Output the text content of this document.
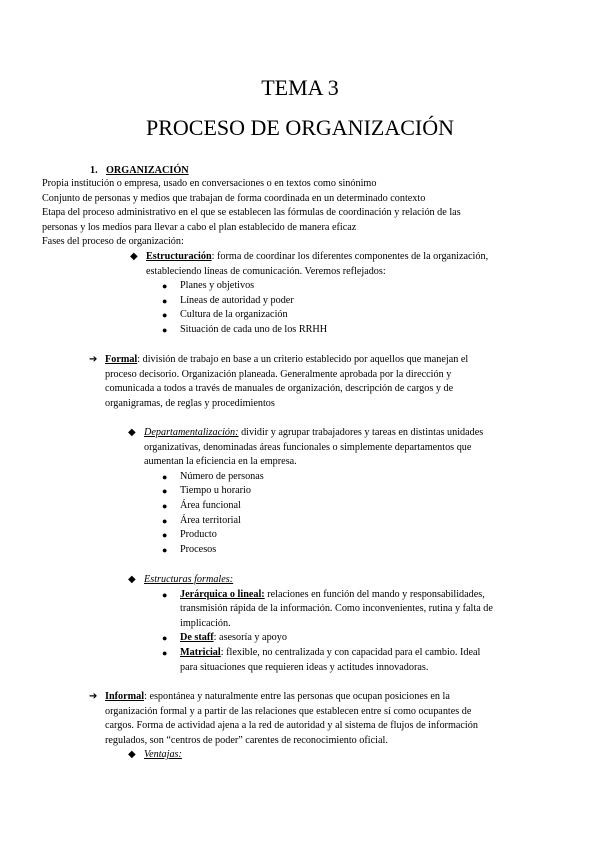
TEMA 3
PROCESO DE ORGANIZACIÓN
1. ORGANIZACIÓN

Propia institución o empresa, usado en conversaciones o en textos como sinónimo

Conjunto de personas y medios que trabajan de forma coordinada en un determinado contexto

Etapa del proceso administrativo en el que se establecen las fórmulas de coordinación y relación de las

personas y los medios para llevar a cabo el plan establecido de manera eficaz

Fases del proceso de organización:

◆ Estructuración: forma de coordinar los diferentes componentes de la organización,

estableciendo líneas de comunicación. Veremos reflejados:

● Planes y objetivos
● Líneas de autoridad y poder
● Cultura de la organización
● Situación de cada uno de los RRHH
➔ Formal: división de trabajo en base a un criterio establecido por aquellos que manejan el

proceso decisorio. Organización planeada. Generalmente aprobada por la dirección y

comunicada a todos a través de manuales de organización, descripción de cargos y de

organigramas, de reglas y procedimientos

◆ Departamentalización: dividir y agrupar trabajadores y tareas en distintas unidades

organizativas, denominadas áreas funcionales o simplemente departamentos que

aumentan la eficiencia en la empresa.

● Número de personas
● Tiempo u horario
● Área funcional
● Área territorial
● Producto
● Procesos
◆ Estructuras formales:

● Jerárquica o lineal: relaciones en función del mando y responsabilidades,

transmisión rápida de la información. Como inconvenientes, rutina y falta de

implicación.

● De staff: asesoría y apoyo

● Matricial: flexible, no centralizada y con capacidad para el cambio. Ideal

para situaciones que requieren ideas y actitudes innovadoras.

➔ Informal: espontánea y naturalmente entre las personas que ocupan posiciones en la

organización formal y a partir de las relaciones que establecen entre sí como ocupantes de

cargos. Forma de actividad ajena a la red de autoridad y al sistema de flujos de información

regulados, son “centros de poder” carentes de reconocimiento oficial.

◆ Ventajas:
